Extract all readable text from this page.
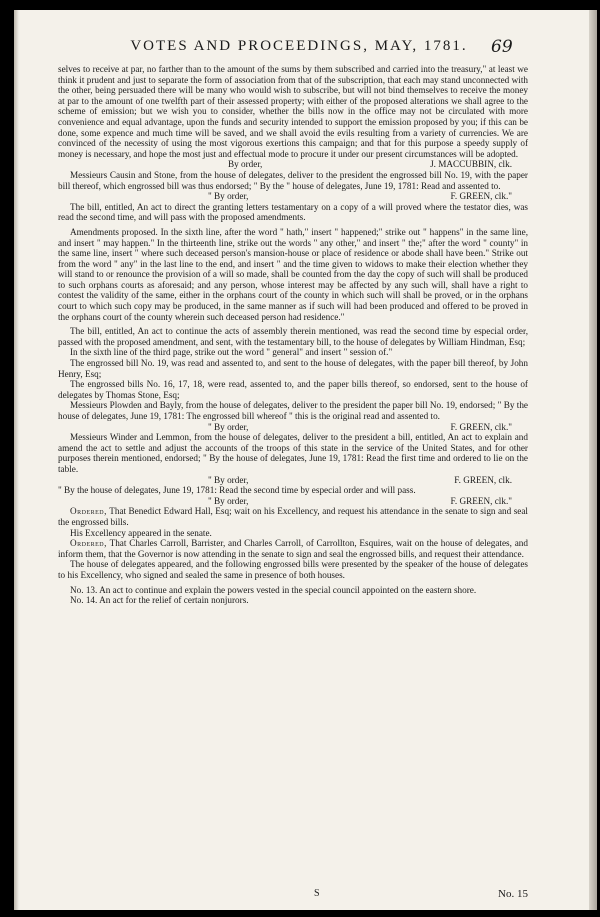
VOTES AND PROCEEDINGS, MAY, 1781.	69

selves to receive at par, no farther than to the amount of the sums by them subscribed and carried into the treasury," at least we think it prudent and just to separate the form of association from that of the subscription, that each may stand unconnected with the other, being persuaded there will be many who would wish to subscribe, but will not bind themselves to receive the money at par to the amount of one twelfth part of their assessed property; with either of the proposed alterations we shall agree to the scheme of emission; but we wish you to consider, whether the bills now in the office may not be circulated with more convenience and equal advantage, upon the funds and security intended to support the emission proposed by you; if this can be done, some expence and much time will be saved, and we shall avoid the evils resulting from a variety of currencies. We are convinced of the necessity of using the most vigorous exertions this campaign; and that for this purpose a speedy supply of money is necessary, and hope the most just and effectual mode to procure it under our present circumstances will be adopted.

By order,	J. MACCUBBIN, clk.

Messieurs Causin and Stone, from the house of delegates, deliver to the president the engrossed bill No. 19, with the paper bill thereof, which engrossed bill was thus endorsed; " By the " house of delegates, June 19, 1781: Read and assented to.

" By order,	F. GREEN, clk."

The bill, entitled, An act to direct the granting letters testamentary on a copy of a will proved where the testator dies, was read the second time, and will pass with the proposed amendments.

Amendments proposed. In the sixth line, after the word " hath," insert " happened;" strike out " happens" in the same line, and insert " may happen." In the thirteenth line, strike out the words " any other," and insert " the;" after the word " county" in the same line, insert " where such deceased person's mansion-house or place of residence or abode shall have been." Strike out from the word " any" in the last line to the end, and insert " and the time given to widows to make their election whether they will stand to or renounce the provision of a will so made, shall be counted from the day the copy of such will shall be produced to such orphans courts as aforesaid; and any person, whose interest may be affected by any such will, shall have a right to contest the validity of the same, either in the orphans court of the county in which such will shall be proved, or in the orphans court to which such copy may be produced, in the same manner as if such will had been produced and offered to be proved in the orphans court of the county wherein such deceased person had residence."

The bill, entitled, An act to continue the acts of assembly therein mentioned, was read the second time by especial order, passed with the proposed amendment, and sent, with the testamentary bill, to the house of delegates by William Hindman, Esq;

In the sixth line of the third page, strike out the word " general" and insert " session of."

The engrossed bill No. 19, was read and assented to, and sent to the house of delegates, with the paper bill thereof, by John Henry, Esq;

The engrossed bills No. 16, 17, 18, were read, assented to, and the paper bills thereof, so endorsed, sent to the house of delegates by Thomas Stone, Esq;

Messieurs Plowden and Bayly, from the house of delegates, deliver to the president the paper bill No. 19, endorsed; " By the house of delegates, June 19, 1781: The engrossed bill whereof " this is the original read and assented to.

" By order,	F. GREEN, clk."

Messieurs Winder and Lemmon, from the house of delegates, deliver to the president a bill, entitled, An act to explain and amend the act to settle and adjust the accounts of the troops of this state in the service of the United States, and for other purposes therein mentioned, endorsed; " By the house of delegates, June 19, 1781: Read the first time and ordered to lie on the table.

" By order,	F. GREEN, clk.

" By the house of delegates, June 19, 1781: Read the second time by especial order and will pass.

" By order,	F. GREEN, clk."

Ordered, That Benedict Edward Hall, Esq; wait on his Excellency, and request his attendance in the senate to sign and seal the engrossed bills.

His Excellency appeared in the senate.

Ordered, That Charles Carroll, Barrister, and Charles Carroll, of Carrollton, Esquires, wait on the house of delegates, and inform them, that the Governor is now attending in the senate to sign and seal the engrossed bills, and request their attendance.

The house of delegates appeared, and the following engrossed bills were presented by the speaker of the house of delegates to his Excellency, who signed and sealed the same in presence of both houses.

No. 13. An act to continue and explain the powers vested in the special council appointed on the eastern shore.

No. 14. An act for the relief of certain nonjurors.

S	No. 15
